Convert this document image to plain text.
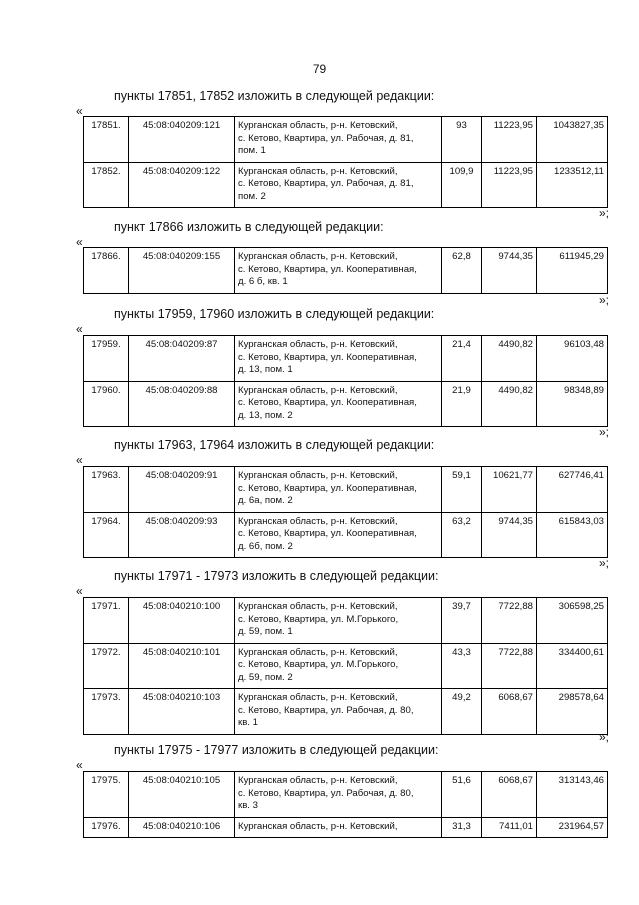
79
пункты 17851, 17852 изложить в следующей редакции:
«
17851.	45:08:040209:121	Курганская область, р-н. Кетовский,
с. Кетово, Квартира, ул. Рабочая, д. 81,
пом. 1	93	11223,95	1043827,35
17852.	45:08:040209:122	Курганская область, р-н. Кетовский,
с. Кетово, Квартира, ул. Рабочая, д. 81,
пом. 2	109,9	11223,95	1233512,11
»;
пункт 17866 изложить в следующей редакции:
«
17866.	45:08:040209:155	Курганская область, р-н. Кетовский,
с. Кетово, Квартира, ул. Кооперативная,
д. 6 б, кв. 1
	62,8	9744,35	611945,29
»;
пункты 17959, 17960 изложить в следующей редакции:
«
17959.	45:08:040209:87	Курганская область, р-н. Кетовский,
с. Кетово, Квартира, ул. Кооперативная,
д. 13, пом. 1	21,4	4490,82	96103,48
17960.	45:08:040209:88	Курганская область, р-н. Кетовский,
с. Кетово, Квартира, ул. Кооперативная,
д. 13, пом. 2	21,9	4490,82	98348,89
»;
пункты 17963, 17964 изложить в следующей редакции:
«
17963.	45:08:040209:91	Курганская область, р-н. Кетовский,
с. Кетово, Квартира, ул. Кооперативная,
д. 6а, пом. 2	59,1	10621,77	627746,41
17964.	45:08:040209:93	Курганская область, р-н. Кетовский,
с. Кетово, Квартира, ул. Кооперативная,
д. 6б, пом. 2	63,2	9744,35	615843,03
»;
пункты 17971 - 17973 изложить в следующей редакции:
«
17971.	45:08:040210:100	Курганская область, р-н. Кетовский,
с. Кетово, Квартира, ул. М.Горького,
д. 59, пом. 1	39,7	7722,88	306598,25
17972.	45:08:040210:101	Курганская область, р-н. Кетовский,
с. Кетово, Квартира, ул. М.Горького,
д. 59, пом. 2	43,3	7722,88	334400,61
17973.	45:08:040210:103	Курганская область, р-н. Кетовский,
с. Кетово, Квартира, ул. Рабочая, д. 80,
кв. 1	49,2	6068,67	298578,64
»;
пункты 17975 - 17977 изложить в следующей редакции:
«
17975.	45:08:040210:105	Курганская область, р-н. Кетовский,
с. Кетово, Квартира, ул. Рабочая, д. 80,
кв. 3	51,6	6068,67	313143,46
17976.	45:08:040210:106	Курганская область, р-н. Кетовский,	31,3	7411,01	231964,57
